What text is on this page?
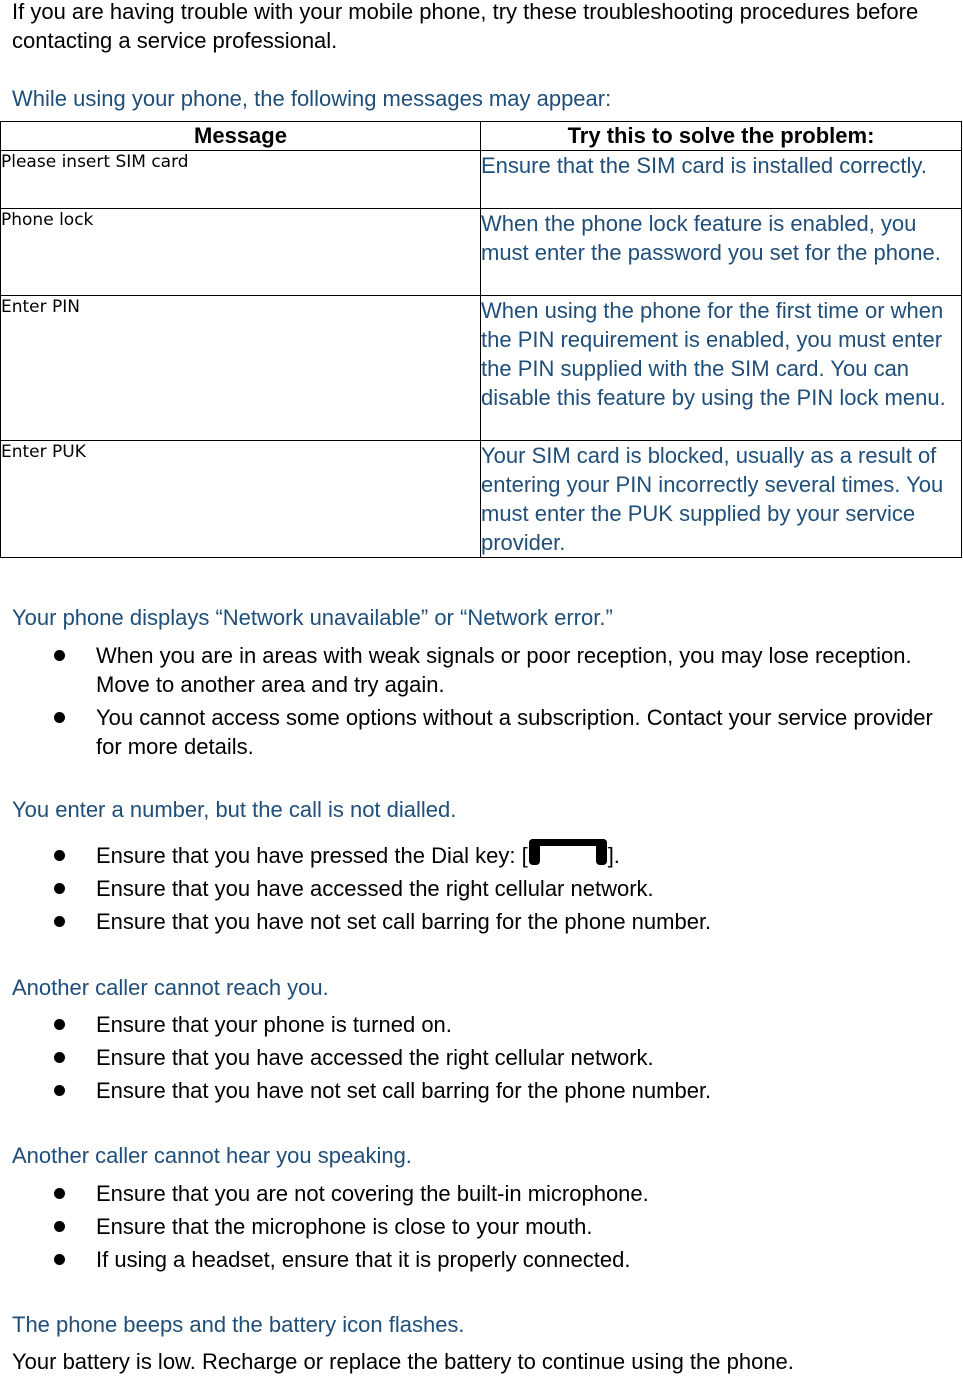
If you are having trouble with your mobile phone, try these troubleshooting procedures before contacting a service professional.

While using your phone, the following messages may appear:

Message	Try this to solve the problem:
Please insert SIM card	Ensure that the SIM card is installed correctly.
Phone lock	When the phone lock feature is enabled, you must enter the password you set for the phone.
Enter PIN	When using the phone for the first time or when the PIN requirement is enabled, you must enter the PIN supplied with the SIM card. You can disable this feature by using the PIN lock menu.
Enter PUK	Your SIM card is blocked, usually as a result of entering your PIN incorrectly several times. You must enter the PUK supplied by your service provider.

Your phone displays “Network unavailable” or “Network error.”

When you are in areas with weak signals or poor reception, you may lose reception. Move to another area and try again.
You cannot access some options without a subscription. Contact your service provider for more details.

You enter a number, but the call is not dialled.

Ensure that you have pressed the Dial key: [	].
Ensure that you have accessed the right cellular network.
Ensure that you have not set call barring for the phone number.

Another caller cannot reach you.

Ensure that your phone is turned on.
Ensure that you have accessed the right cellular network.
Ensure that you have not set call barring for the phone number.

Another caller cannot hear you speaking.

Ensure that you are not covering the built-in microphone.
Ensure that the microphone is close to your mouth.
If using a headset, ensure that it is properly connected.

The phone beeps and the battery icon flashes.

Your battery is low. Recharge or replace the battery to continue using the phone.
